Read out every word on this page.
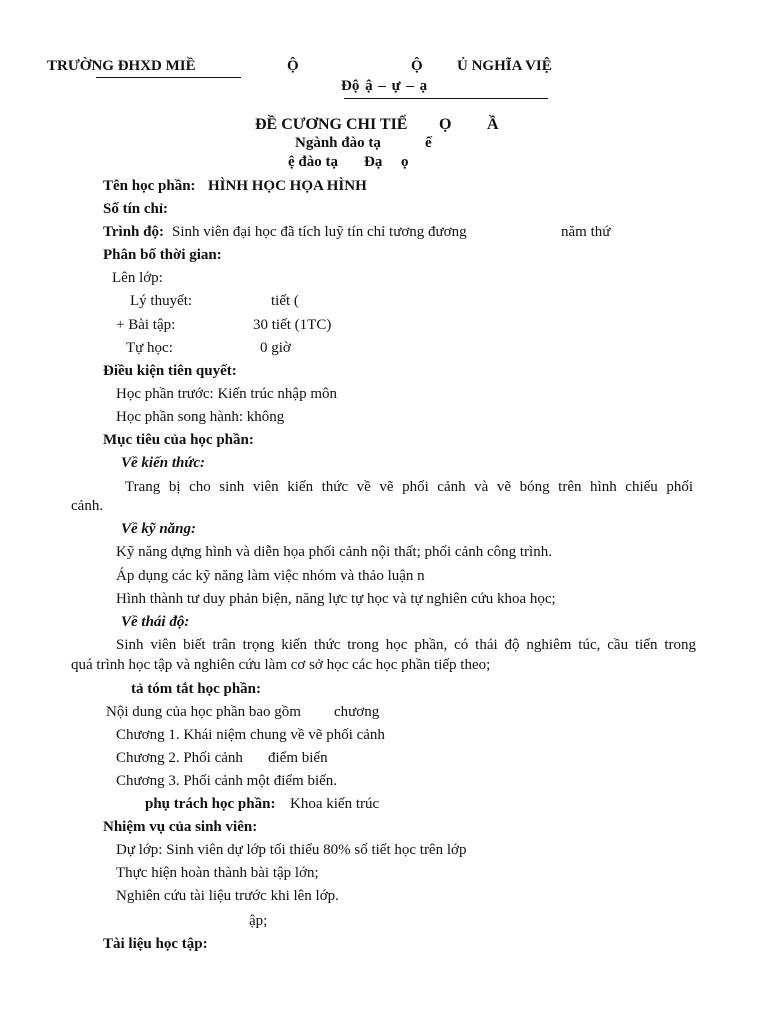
TRƯỜNG ĐHXD MIỀ	Ộ	Ộ Ủ NGHĨA VIỆ
Độ ậ – ự – ạ
ĐỀ CƯƠNG CHI TIẾ Ọ Ầ
Ngành đào tạ	ế
ệ đào tạ Đạ ọ
Tên học phần: HÌNH HỌC HỌA HÌNH
Số tín chỉ:
Trình độ: Sinh viên đại học đã tích luỹ tín chỉ tương đương	năm thứ
Phân bố thời gian:
Lên lớp:
Lý thuyết:	tiết (
+ Bài tập:	30 tiết (1TC)
Tự học:	0 giờ
Điều kiện tiên quyết:
Học phần trước: Kiến trúc nhập môn
Học phần song hành: không
Mục tiêu của học phần:
Về kiến thức:
Trang bị cho sinh viên kiến thức về vẽ phối cảnh và vẽ bóng trên hình chiếu phối
cảnh.
Về kỹ năng:
Kỹ năng dựng hình và diễn họa phối cảnh nội thất; phối cảnh công trình.
Áp dụng các kỹ năng làm việc nhóm và thảo luận n
Hình thành tư duy phản biện, năng lực tự học và tự nghiên cứu khoa học;
Về thái độ:
Sinh viên biết trân trọng kiến thức trong học phần, có thái độ nghiêm túc, cầu tiến trong
quá trình học tập và nghiên cứu làm cơ sở học các học phần tiếp theo;
tả tóm tắt học phần:
Nội dung của học phần bao gồm chương
Chương 1. Khái niệm chung về vẽ phối cảnh
Chương 2. Phối cảnh điểm biến
Chương 3. Phối cảnh một điểm biến.
phụ trách học phần: Khoa kiến trúc
Nhiệm vụ của sinh viên:
Dự lớp: Sinh viên dự lớp tối thiểu 80% số tiết học trên lớp
Thực hiện hoàn thành bài tập lớn;
Nghiên cứu tài liệu trước khi lên lớp.
ập;
Tài liệu học tập:
